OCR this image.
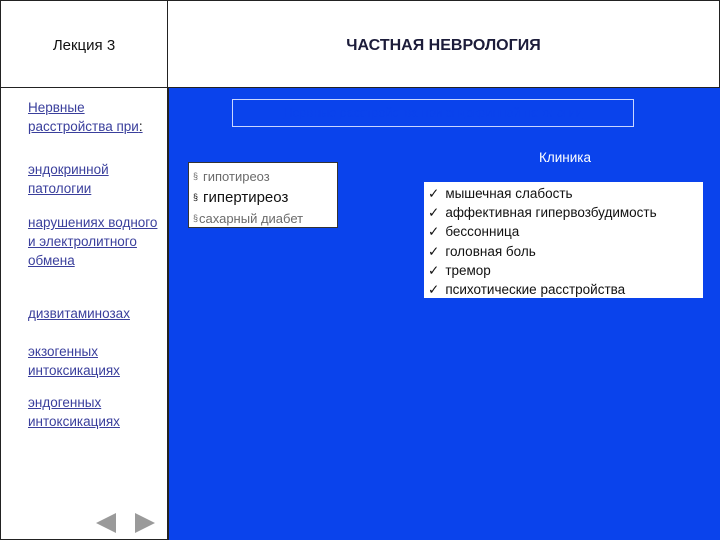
Лекция 3	ЧАСТНАЯ НЕВРОЛОГИЯ
Нервные расстройства при:
эндокринной патологии
нарушениях водного и электролитного обмена
дизвитаминозах
экзогенных интоксикациях
эндогенных интоксикациях
Нервные расстройства при эндокринной патологии
§ гипотиреоз
§ гипертиреоз
§сахарный диабет
Клиника
✓ мышечная слабость
✓ аффективная гипервозбудимость
✓ бессонница
✓ головная боль
✓ тремор
✓ психотические расстройства
